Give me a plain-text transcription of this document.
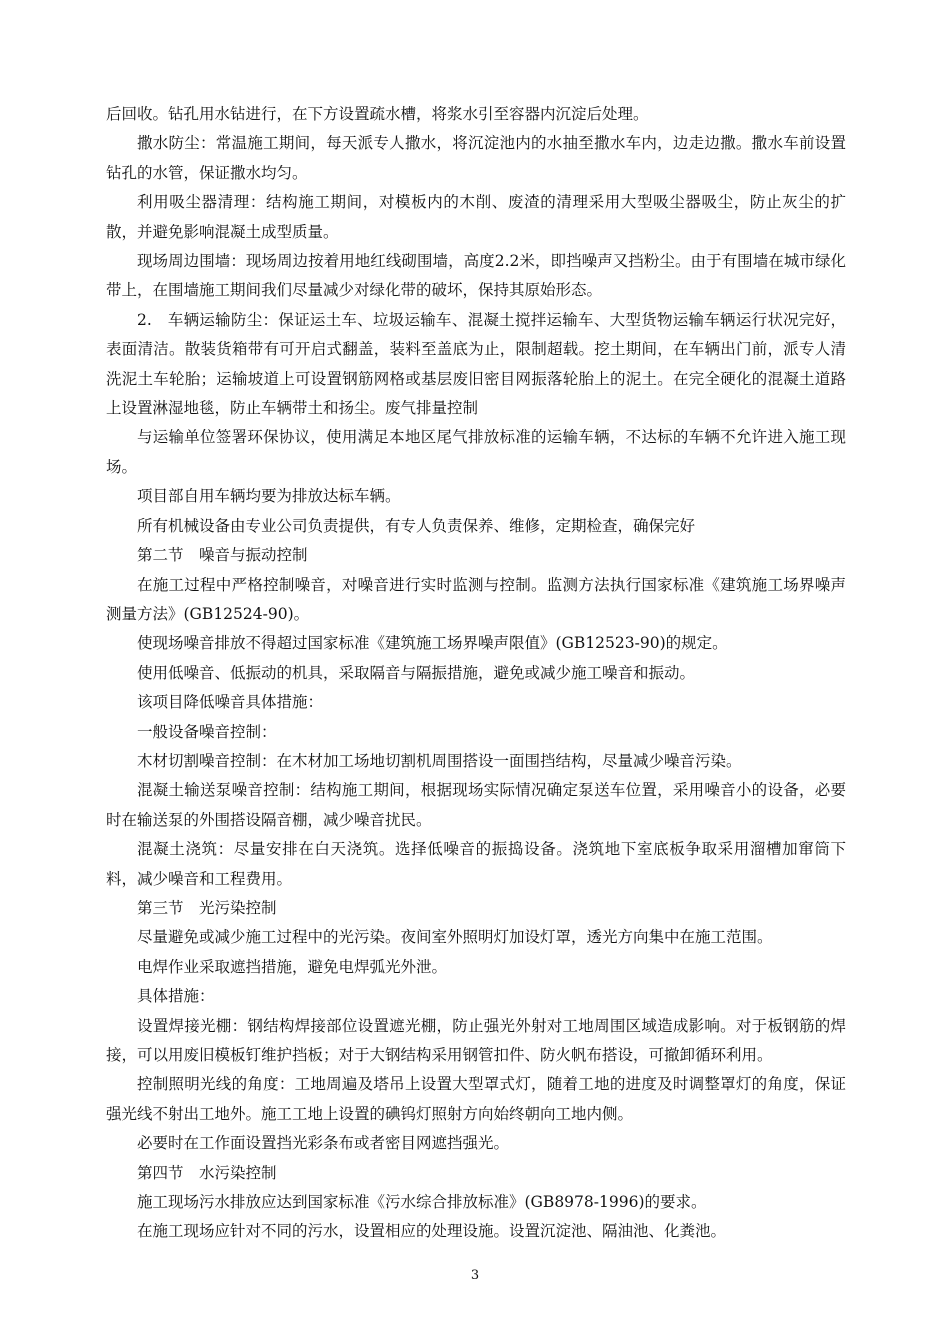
后回收。钻孔用水钻进行，在下方设置疏水槽，将浆水引至容器内沉淀后处理。

撒水防尘：常温施工期间，每天派专人撒水，将沉淀池内的水抽至撒水车内，边走边撒。撒水车前设置钻孔的水管，保证撒水均匀。

利用吸尘器清理：结构施工期间，对模板内的木削、废渣的清理采用大型吸尘器吸尘，防止灰尘的扩散，并避免影响混凝土成型质量。

现场周边围墙：现场周边按着用地红线砌围墙，高度2.2米，即挡噪声又挡粉尘。由于有围墙在城市绿化带上，在围墙施工期间我们尽量减少对绿化带的破坏，保持其原始形态。

2.　车辆运输防尘：保证运土车、垃圾运输车、混凝土搅拌运输车、大型货物运输车辆运行状况完好，表面清洁。散装货箱带有可开启式翻盖，装料至盖底为止，限制超载。挖土期间，在车辆出门前，派专人清洗泥土车轮胎；运输坡道上可设置钢筋网格或基层废旧密目网振落轮胎上的泥土。在完全硬化的混凝土道路上设置淋湿地毯，防止车辆带土和扬尘。废气排量控制

与运输单位签署环保协议，使用满足本地区尾气排放标准的运输车辆，不达标的车辆不允许进入施工现场。

项目部自用车辆均要为排放达标车辆。

所有机械设备由专业公司负责提供，有专人负责保养、维修，定期检查，确保完好

第二节　噪音与振动控制

在施工过程中严格控制噪音，对噪音进行实时监测与控制。监测方法执行国家标准《建筑施工场界噪声测量方法》(GB12524-90)。

使现场噪音排放不得超过国家标准《建筑施工场界噪声限值》(GB12523-90)的规定。

使用低噪音、低振动的机具，采取隔音与隔振措施，避免或减少施工噪音和振动。

该项目降低噪音具体措施：

一般设备噪音控制：

木材切割噪音控制：在木材加工场地切割机周围搭设一面围挡结构，尽量减少噪音污染。

混凝土输送泵噪音控制：结构施工期间，根据现场实际情况确定泵送车位置，采用噪音小的设备，必要时在输送泵的外围搭设隔音棚，减少噪音扰民。

混凝土浇筑：尽量安排在白天浇筑。选择低噪音的振捣设备。浇筑地下室底板争取采用溜槽加窜筒下料，减少噪音和工程费用。

第三节　光污染控制

尽量避免或减少施工过程中的光污染。夜间室外照明灯加设灯罩，透光方向集中在施工范围。

电焊作业采取遮挡措施，避免电焊弧光外泄。

具体措施：

设置焊接光棚：钢结构焊接部位设置遮光棚，防止强光外射对工地周围区域造成影响。对于板钢筋的焊接，可以用废旧模板钉维护挡板；对于大钢结构采用钢管扣件、防火帆布搭设，可撤卸循环利用。

控制照明光线的角度：工地周遍及塔吊上设置大型罩式灯，随着工地的进度及时调整罩灯的角度，保证强光线不射出工地外。施工工地上设置的碘钨灯照射方向始终朝向工地内侧。

必要时在工作面设置挡光彩条布或者密目网遮挡强光。

第四节　水污染控制

施工现场污水排放应达到国家标准《污水综合排放标准》(GB8978-1996)的要求。

在施工现场应针对不同的污水，设置相应的处理设施。设置沉淀池、隔油池、化粪池。

3
